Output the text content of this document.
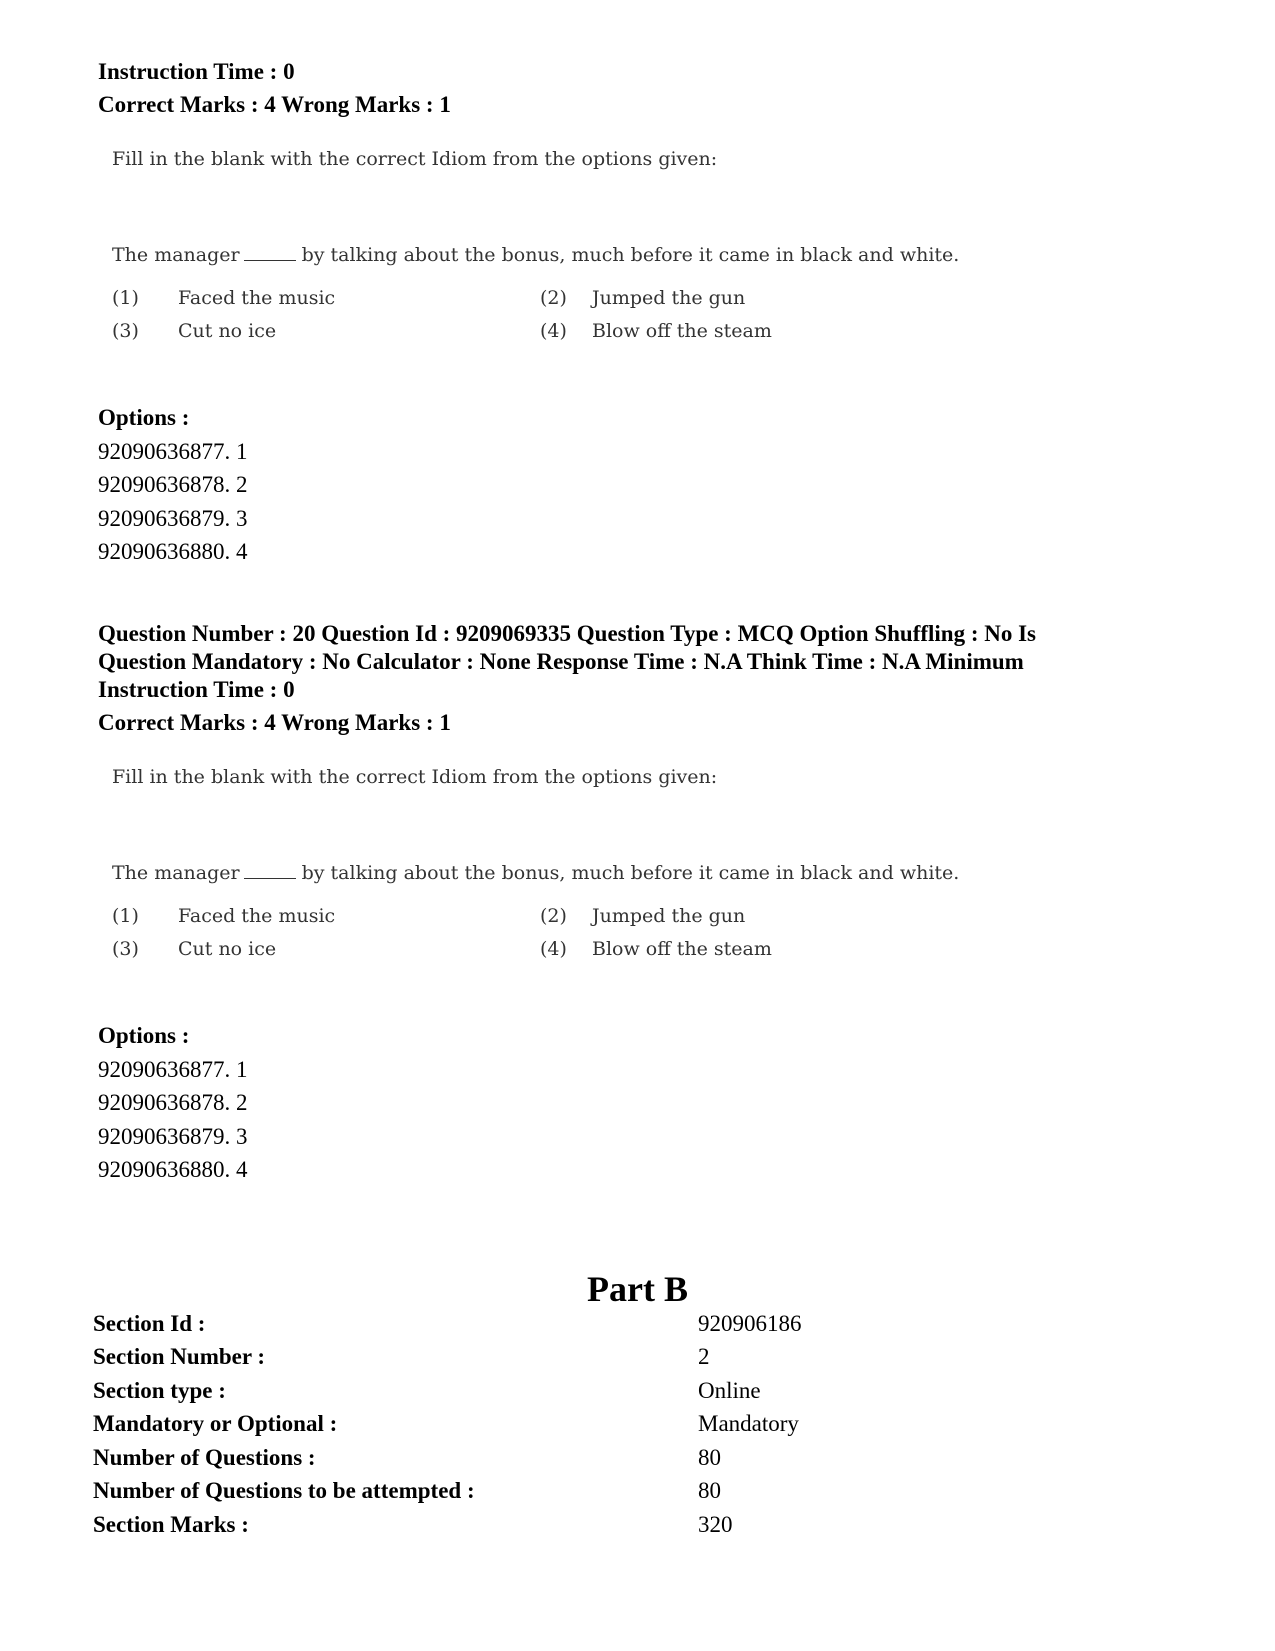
Instruction Time : 0
Correct Marks : 4 Wrong Marks : 1
Fill in the blank with the correct Idiom from the options given:
The manager	by talking about the bonus, much before it came in black and white.
(1) Faced the music	(2) Jumped the gun
(3) Cut no ice	(4) Blow off the steam
Options :
92090636877. 1
92090636878. 2
92090636879. 3
92090636880. 4
Question Number : 20 Question Id : 9209069335 Question Type : MCQ Option Shuffling : No Is
Question Mandatory : No Calculator : None Response Time : N.A Think Time : N.A Minimum
Instruction Time : 0
Correct Marks : 4 Wrong Marks : 1
Fill in the blank with the correct Idiom from the options given:
The manager	by talking about the bonus, much before it came in black and white.
(1) Faced the music	(2) Jumped the gun
(3) Cut no ice	(4) Blow off the steam
Options :
92090636877. 1
92090636878. 2
92090636879. 3
92090636880. 4
Part B
Section Id :	920906186
Section Number :	2
Section type :	Online
Mandatory or Optional :	Mandatory
Number of Questions :	80
Number of Questions to be attempted :	80
Section Marks :	320
